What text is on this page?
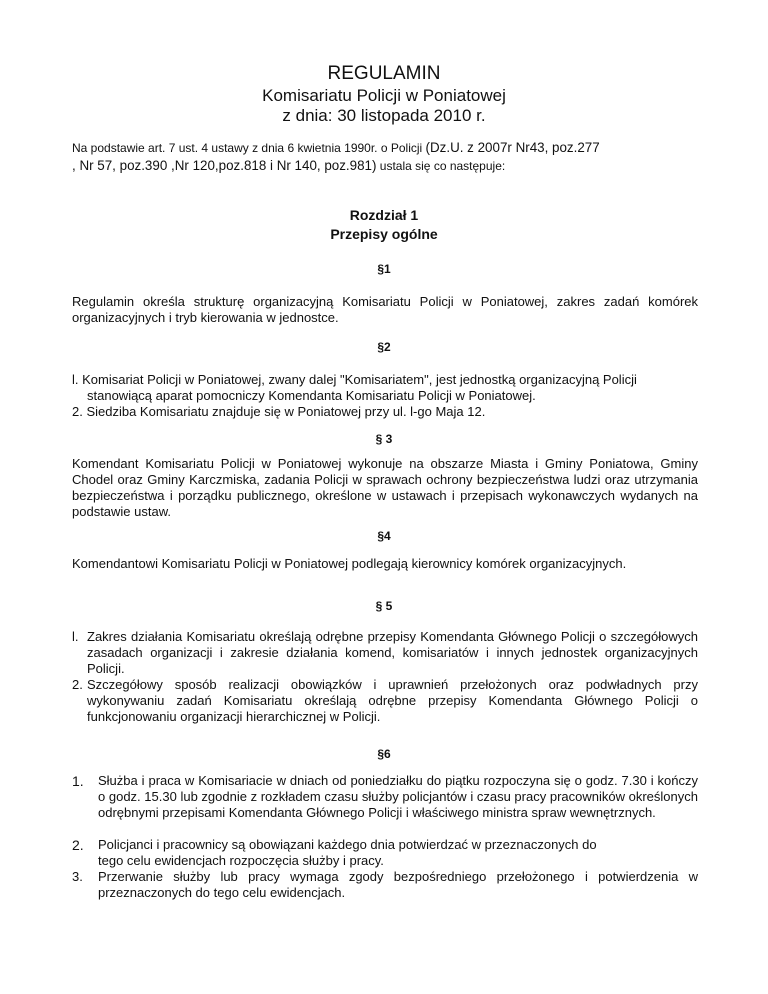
REGULAMIN
Komisariatu Policji w Poniatowej
z dnia: 30 listopada 2010 r.
Na podstawie art. 7 ust. 4 ustawy z dnia 6 kwietnia 1990r. o Policji (Dz.U. z 2007r Nr43, poz.277
, Nr 57, poz.390 ,Nr 120,poz.818 i Nr 140, poz.981) ustala się co następuje:
Rozdział 1
Przepisy ogólne
§1
Regulamin określa strukturę organizacyjną Komisariatu Policji w Poniatowej, zakres zadań komórek organizacyjnych i tryb kierowania w jednostce.
§2
l. Komisariat Policji w Poniatowej, zwany dalej "Komisariatem", jest jednostką organizacyjną Policji stanowiącą aparat pomocniczy Komendanta Komisariatu Policji w Poniatowej.
2. Siedziba Komisariatu znajduje się w Poniatowej przy ul. l-go Maja 12.
§ 3
Komendant Komisariatu Policji w Poniatowej wykonuje na obszarze Miasta i Gminy Poniatowa, Gminy Chodel oraz Gminy Karczmiska, zadania Policji w sprawach ochrony bezpieczeństwa ludzi oraz utrzymania bezpieczeństwa i porządku publicznego, określone w ustawach i przepisach wykonawczych wydanych na podstawie ustaw.
§4
Komendantowi Komisariatu Policji w Poniatowej podlegają kierownicy komórek organizacyjnych.
§ 5
l. Zakres działania Komisariatu określają odrębne przepisy Komendanta Głównego Policji o szczegółowych zasadach organizacji i zakresie działania komend, komisariatów i innych jednostek organizacyjnych Policji.
2. Szczegółowy sposób realizacji obowiązków i uprawnień przełożonych oraz podwładnych przy wykonywaniu zadań Komisariatu określają odrębne przepisy Komendanta Głównego Policji o funkcjonowaniu organizacji hierarchicznej w Policji.
§6
1. Służba i praca w Komisariacie w dniach od poniedziałku do piątku rozpoczyna się o godz. 7.30 i kończy o godz. 15.30 lub zgodnie z rozkładem czasu służby policjantów i czasu pracy pracowników określonych odrębnymi przepisami Komendanta Głównego Policji i właściwego ministra spraw wewnętrznych.
2. Policjanci i pracownicy są obowiązani każdego dnia potwierdzać w przeznaczonych do tego celu ewidencjach rozpoczęcia służby i pracy.
3. Przerwanie służby lub pracy wymaga zgody bezpośredniego przełożonego i potwierdzenia w przeznaczonych do tego celu ewidencjach.
